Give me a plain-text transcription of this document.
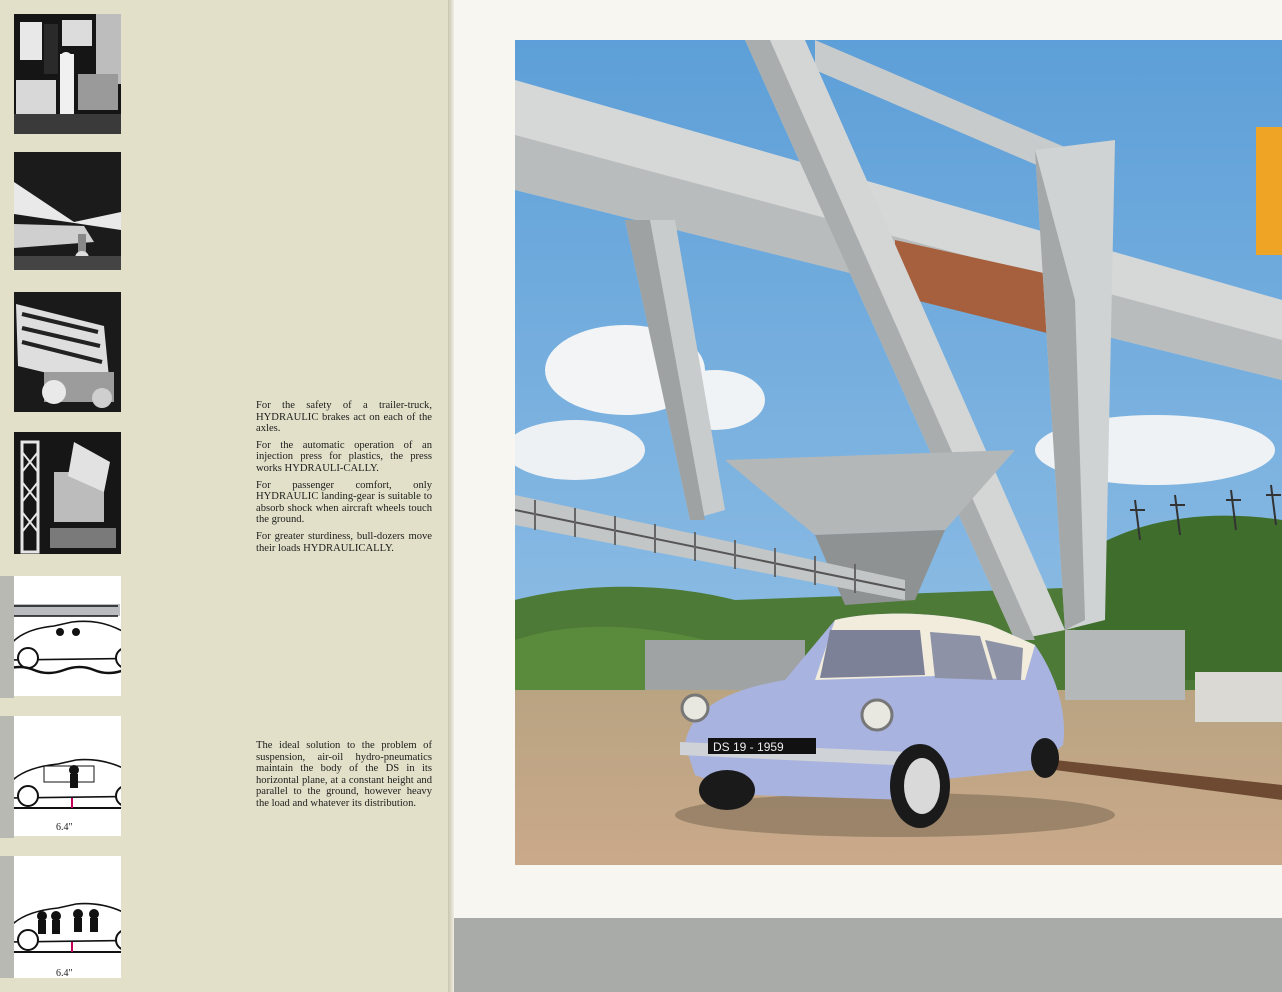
For the safety of a trailer-truck, HYDRAULIC brakes act on each of the axles.

For the automatic operation of an injection press for plastics, the press works HYDRAULI-CALLY.

For passenger comfort, only HYDRAULIC landing-gear is suitable to absorb shock when aircraft wheels touch the ground.

For greater sturdiness, bull-dozers move their loads HYDRAULICALLY.

The ideal solution to the problem of suspension, air-oil hydro-pneumatics maintain the body of the DS in its horizontal plane, at a constant height and parallel to the ground, however heavy the load and whatever its distribution.

6.4"
6.4"
DS 19 - 1959
